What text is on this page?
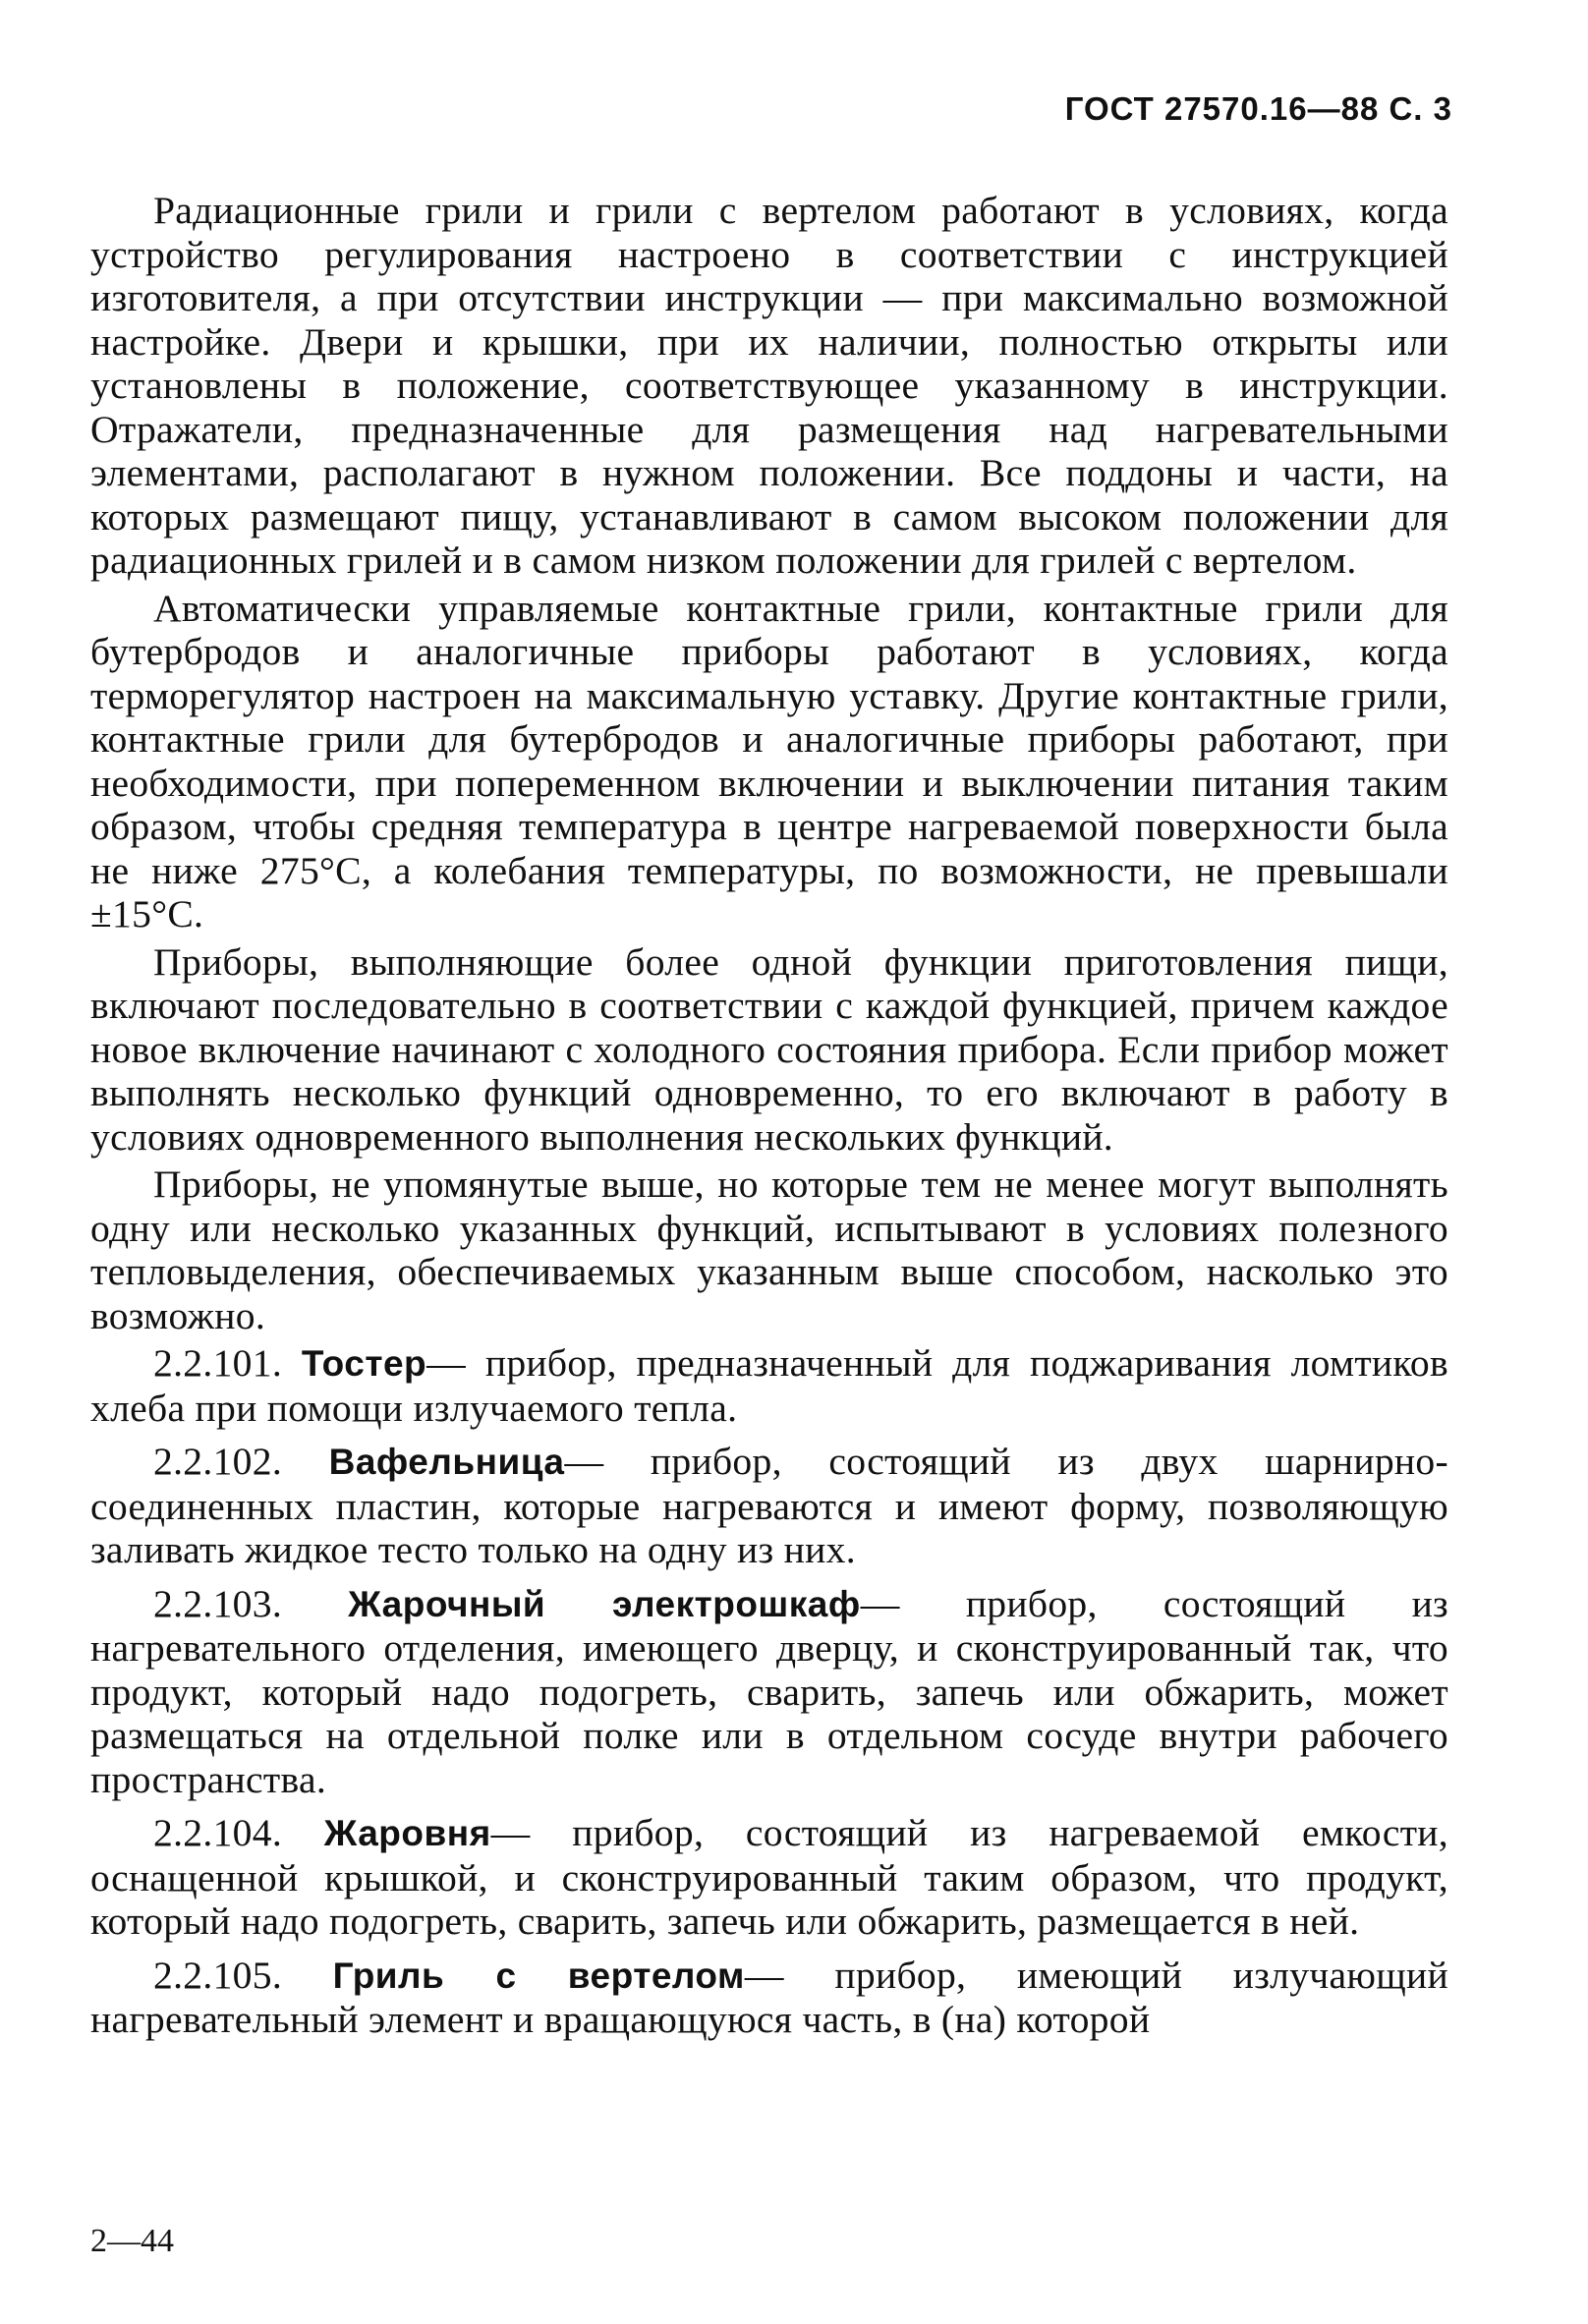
ГОСТ 27570.16—88 С. 3

Радиационные грили и грили с вертелом работают в условиях, когда устройство регулирования настроено в соответствии с инструкцией изготовителя, а при отсутствии инструкции — при максимально возможной настройке. Двери и крышки, при их наличии, полностью открыты или установлены в положение, соответствующее указанному в инструкции. Отражатели, предназначенные для размещения над нагревательными элементами, располагают в нужном положении. Все поддоны и части, на которых размещают пищу, устанавливают в самом высоком положении для радиационных грилей и в самом низком положении для грилей с вертелом.

Автоматически управляемые контактные грили, контактные грили для бутербродов и аналогичные приборы работают в условиях, когда терморегулятор настроен на максимальную уставку. Другие контактные грили, контактные грили для бутербродов и аналогичные приборы работают, при необходимости, при попеременном включении и выключении питания таким образом, чтобы средняя температура в центре нагреваемой поверхности была не ниже 275°C, а колебания температуры, по возможности, не превышали ±15°C.

Приборы, выполняющие более одной функции приготовления пищи, включают последовательно в соответствии с каждой функцией, причем каждое новое включение начинают с холодного состояния прибора. Если прибор может выполнять несколько функций одновременно, то его включают в работу в условиях одновременного выполнения нескольких функций.

Приборы, не упомянутые выше, но которые тем не менее могут выполнять одну или несколько указанных функций, испытывают в условиях полезного тепловыделения, обеспечиваемых указанным выше способом, насколько это возможно.

2.2.101. Тостер— прибор, предназначенный для поджаривания ломтиков хлеба при помощи излучаемого тепла.

2.2.102. Вафельница— прибор, состоящий из двух шарнирно-соединенных пластин, которые нагреваются и имеют форму, позволяющую заливать жидкое тесто только на одну из них.

2.2.103. Жарочный электрошкаф— прибор, состоящий из нагревательного отделения, имеющего дверцу, и сконструированный так, что продукт, который надо подогреть, сварить, запечь или обжарить, может размещаться на отдельной полке или в отдельном сосуде внутри рабочего пространства.

2.2.104. Жаровня— прибор, состоящий из нагреваемой емкости, оснащенной крышкой, и сконструированный таким образом, что продукт, который надо подогреть, сварить, запечь или обжарить, размещается в ней.

2.2.105. Гриль с вертелом— прибор, имеющий излучающий нагревательный элемент и вращающуюся часть, в (на) которой

2—44
